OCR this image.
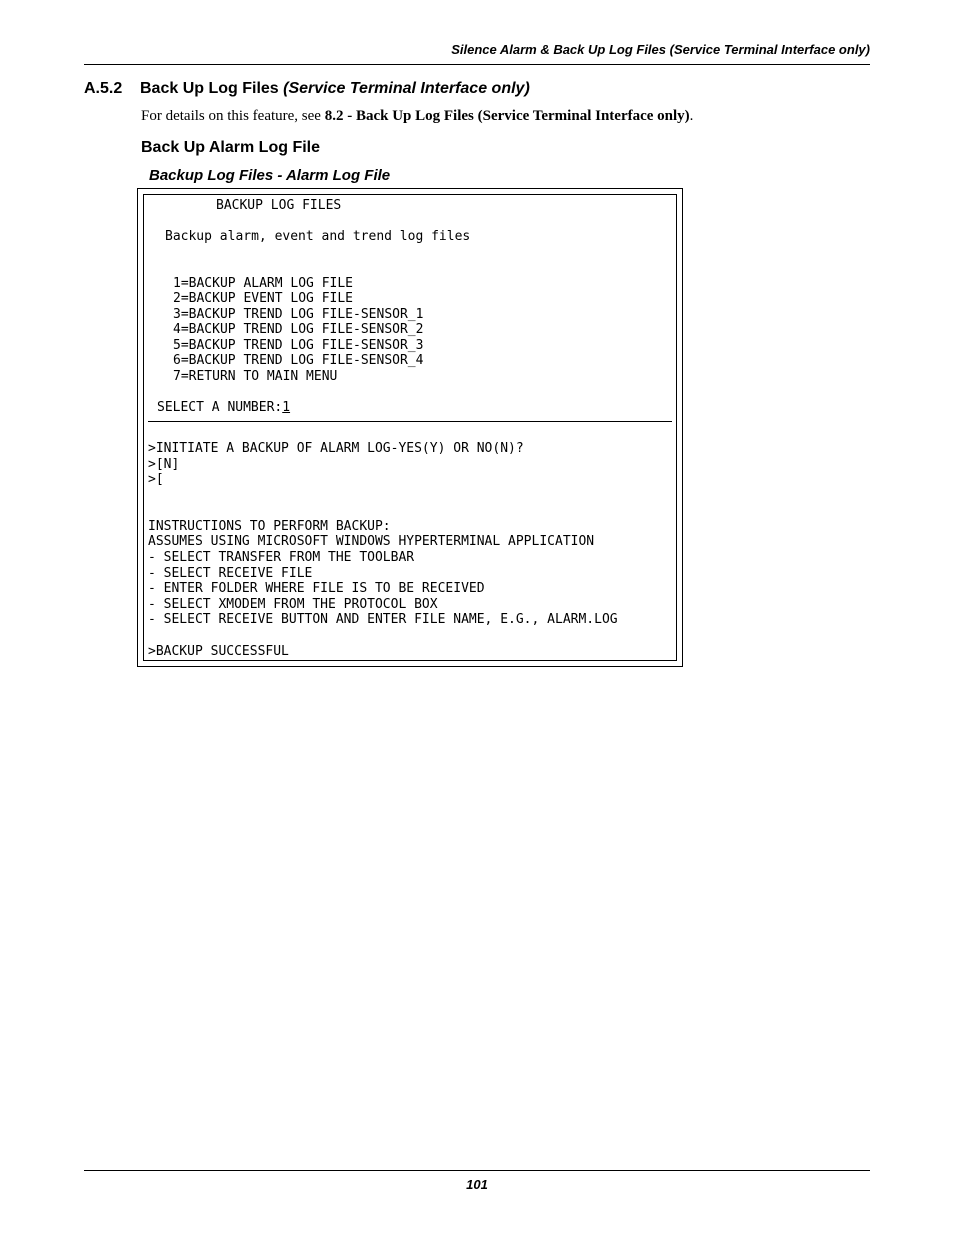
Silence Alarm & Back Up Log Files (Service Terminal Interface only)
A.5.2 Back Up Log Files (Service Terminal Interface only)
For details on this feature, see 8.2 - Back Up Log Files (Service Terminal Interface only).
Back Up Alarm Log File
Backup Log Files - Alarm Log File
BACKUP LOG FILES
Backup alarm, event and trend log files
1=BACKUP ALARM LOG FILE
2=BACKUP EVENT LOG FILE
3=BACKUP TREND LOG FILE-SENSOR_1
4=BACKUP TREND LOG FILE-SENSOR_2
5=BACKUP TREND LOG FILE-SENSOR_3
6=BACKUP TREND LOG FILE-SENSOR_4
7=RETURN TO MAIN MENU
SELECT A NUMBER:1
>INITIATE A BACKUP OF ALARM LOG-YES(Y) OR NO(N)?
>[N]
>[
INSTRUCTIONS TO PERFORM BACKUP:
ASSUMES USING MICROSOFT WINDOWS HYPERTERMINAL APPLICATION
- SELECT TRANSFER FROM THE TOOLBAR
- SELECT RECEIVE FILE
- ENTER FOLDER WHERE FILE IS TO BE RECEIVED
- SELECT XMODEM FROM THE PROTOCOL BOX
- SELECT RECEIVE BUTTON AND ENTER FILE NAME, E.G., ALARM.LOG
>BACKUP SUCCESSFUL
101
